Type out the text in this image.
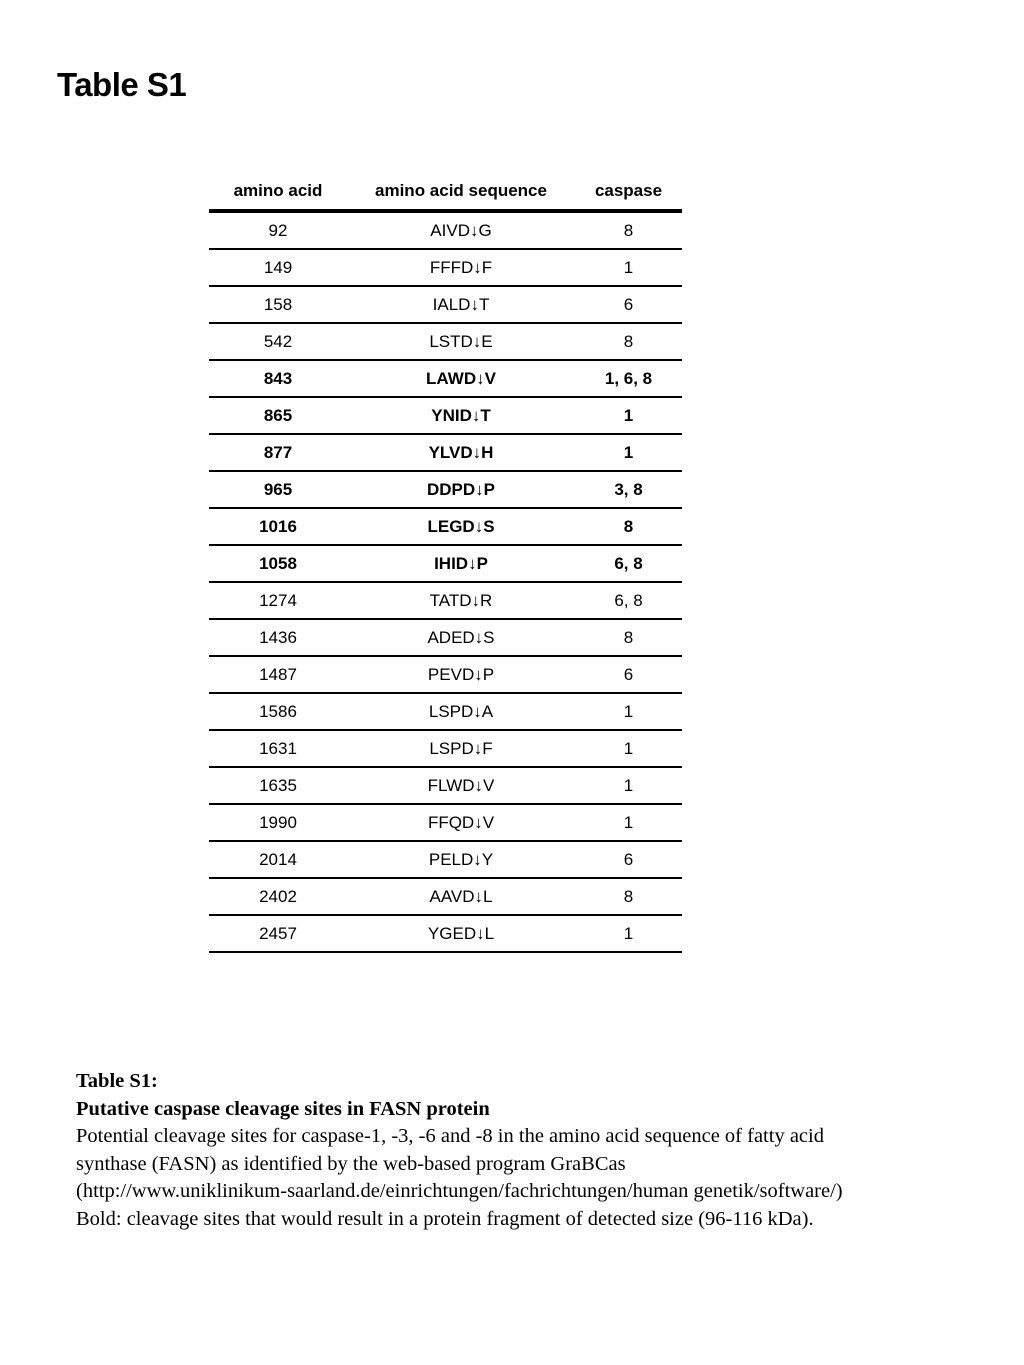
Table S1
amino acid	amino acid sequence	caspase
92	AIVD↓G	8
149	FFFD↓F	1
158	IALD↓T	6
542	LSTD↓E	8
843	LAWD↓V	1, 6, 8
865	YNID↓T	1
877	YLVD↓H	1
965	DDPD↓P	3, 8
1016	LEGD↓S	8
1058	IHID↓P	6, 8
1274	TATD↓R	6, 8
1436	ADED↓S	8
1487	PEVD↓P	6
1586	LSPD↓A	1
1631	LSPD↓F	1
1635	FLWD↓V	1
1990	FFQD↓V	1
2014	PELD↓Y	6
2402	AAVD↓L	8
2457	YGED↓L	1
Table S1:
Putative caspase cleavage sites in FASN protein
Potential cleavage sites for caspase-1, -3, -6 and -8 in the amino acid sequence of fatty acid
synthase (FASN) as identified by the web-based program GraBCas
(http://www.uniklinikum-saarland.de/einrichtungen/fachrichtungen/human genetik/software/)
Bold: cleavage sites that would result in a protein fragment of detected size (96-116 kDa).
